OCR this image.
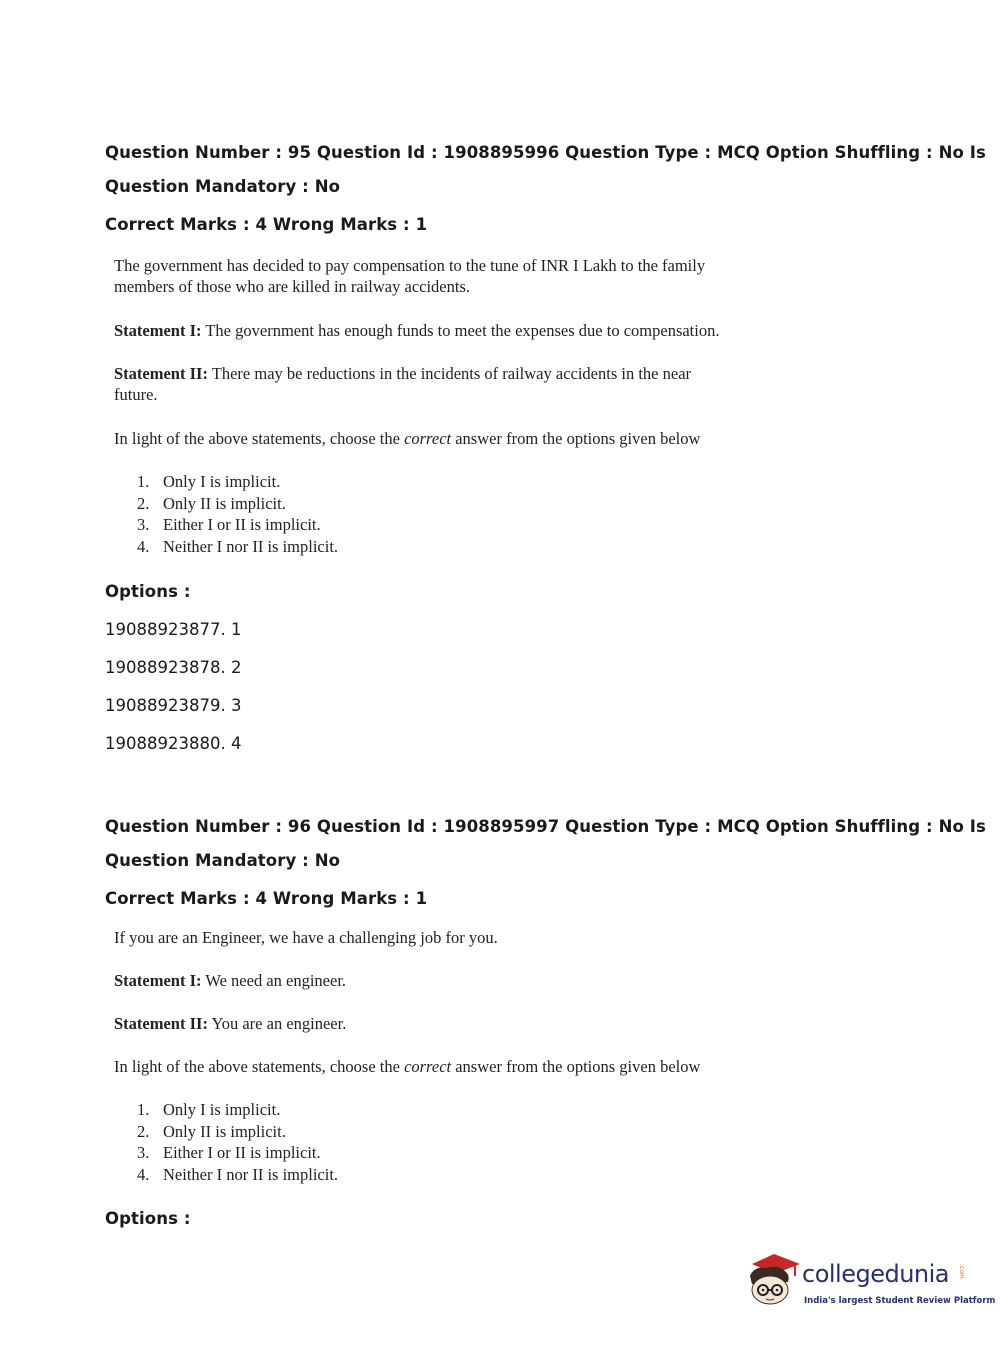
Question Number : 95 Question Id : 1908895996 Question Type : MCQ Option Shuffling : No Is
Question Mandatory : No
Correct Marks : 4 Wrong Marks : 1
The government has decided to pay compensation to the tune of INR I Lakh to the family
members of those who are killed in railway accidents.
Statement I: The government has enough funds to meet the expenses due to compensation.
Statement II: There may be reductions in the incidents of railway accidents in the near
future.
In light of the above statements, choose the correct answer from the options given below
1. Only I is implicit.
2. Only II is implicit.
3. Either I or II is implicit.
4. Neither I nor II is implicit.
Options :
19088923877. 1
19088923878. 2
19088923879. 3
19088923880. 4
Question Number : 96 Question Id : 1908895997 Question Type : MCQ Option Shuffling : No Is
Question Mandatory : No
Correct Marks : 4 Wrong Marks : 1
If you are an Engineer, we have a challenging job for you.
Statement I: We need an engineer.
Statement II: You are an engineer.
In light of the above statements, choose the correct answer from the options given below
1. Only I is implicit.
2. Only II is implicit.
3. Either I or II is implicit.
4. Neither I nor II is implicit.
Options :
collegedunia .com
India's largest Student Review Platform
